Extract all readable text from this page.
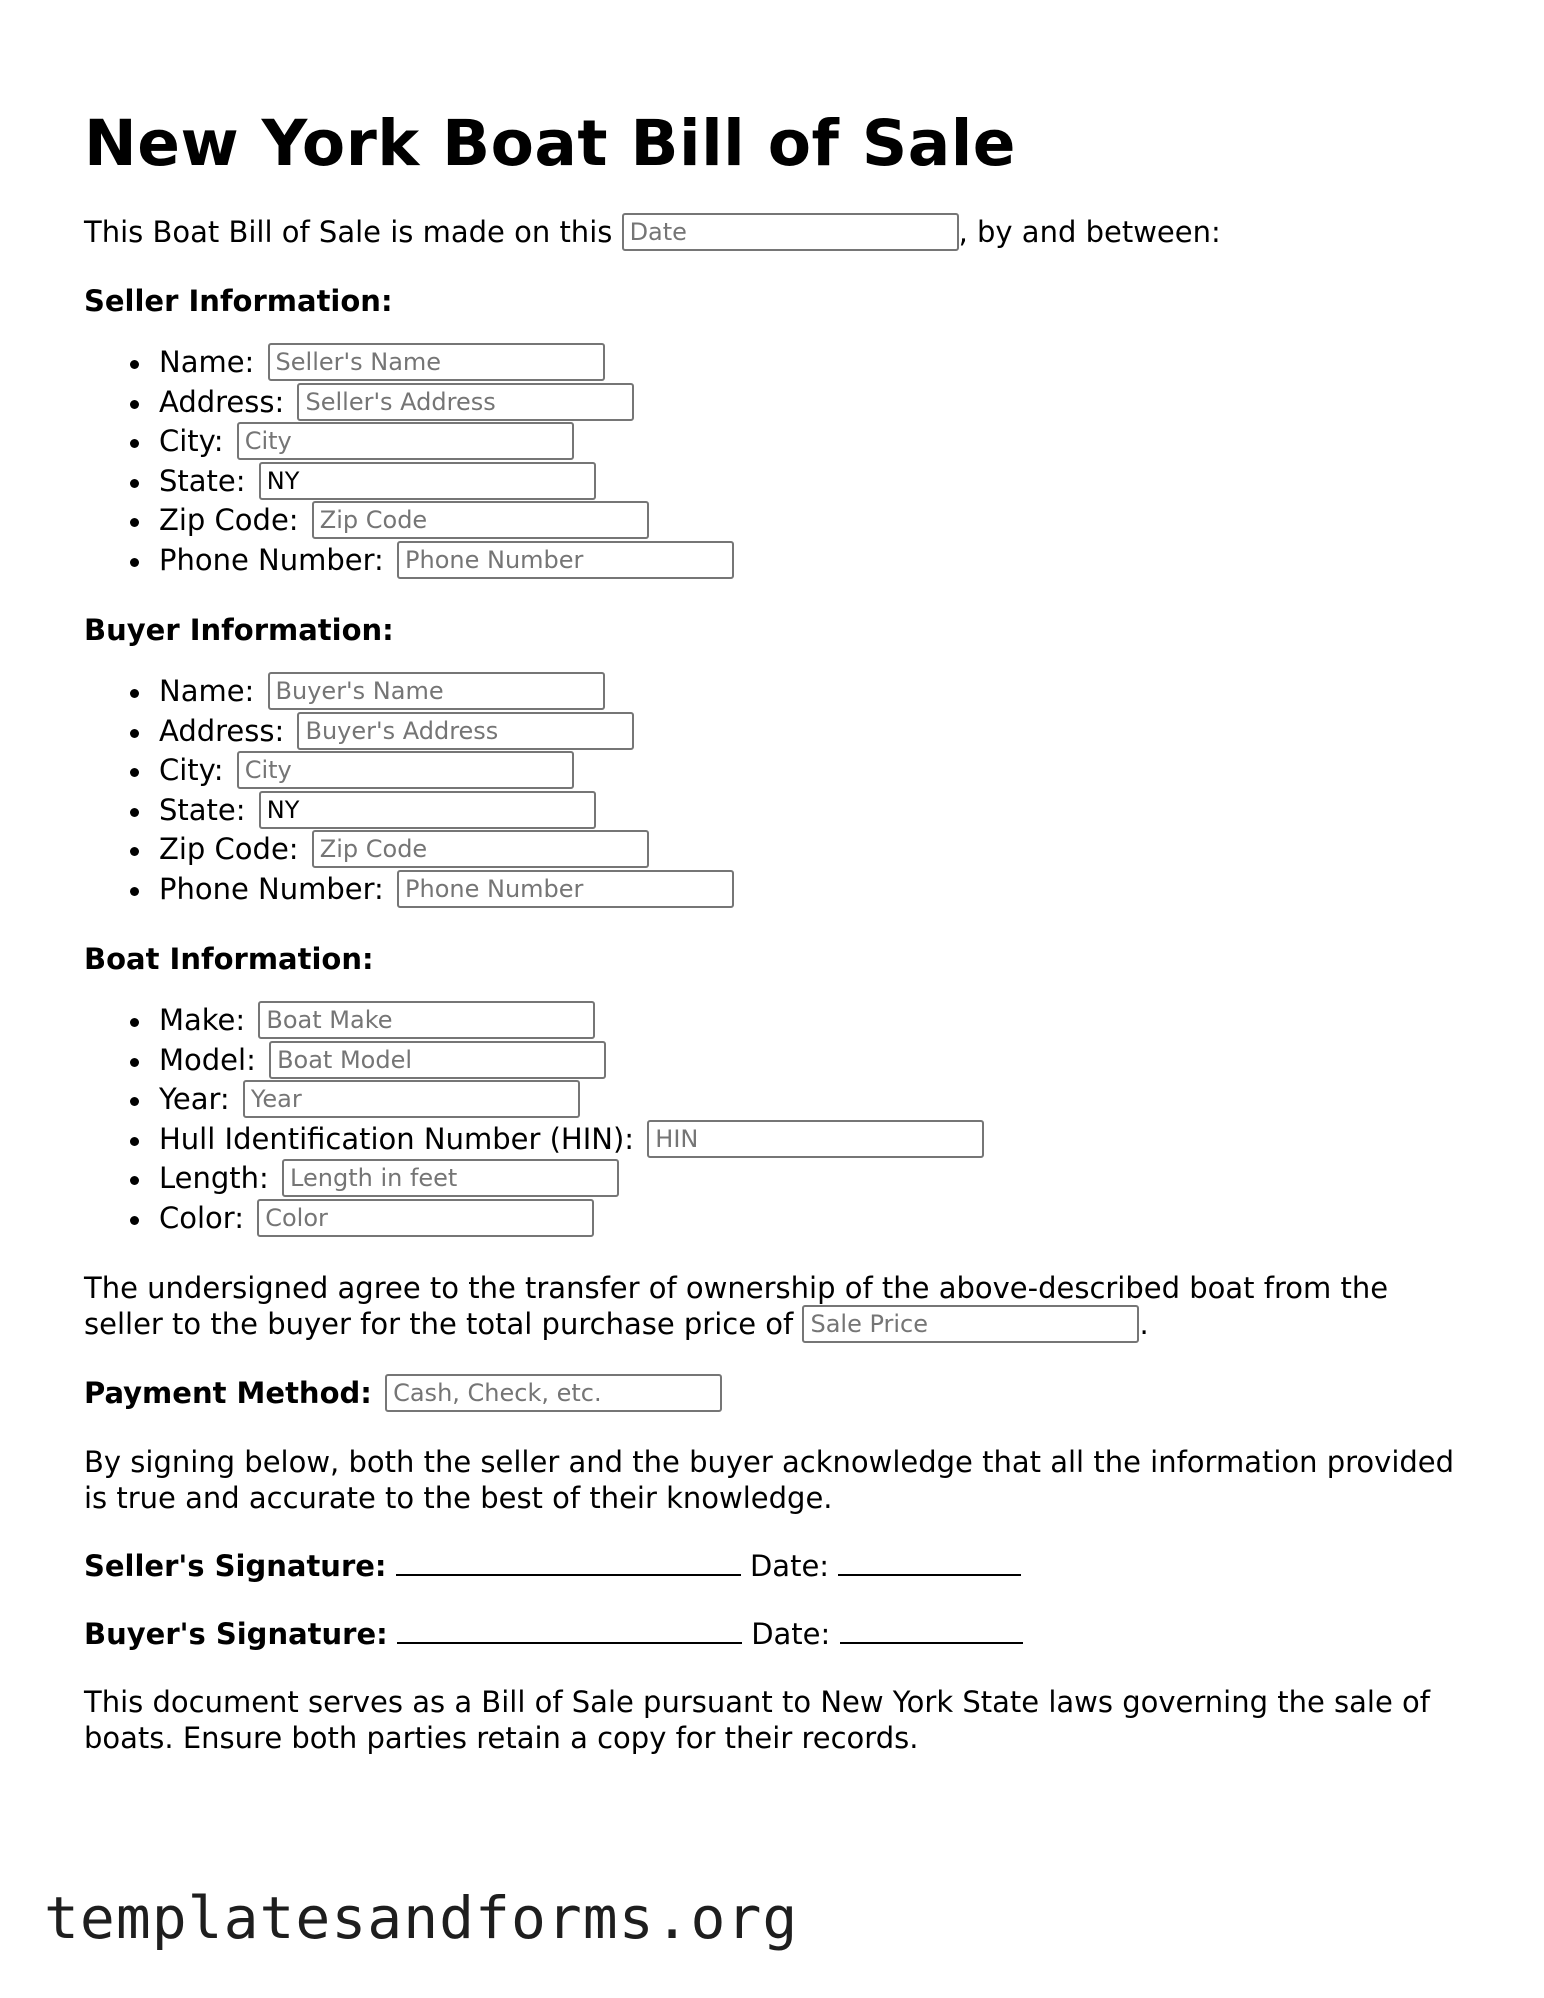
New York Boat Bill of Sale

This Boat Bill of Sale is made on this Date	, by and between:

Seller Information:
Name: Seller's Name
Address: Seller's Address
City: City
State: NY
Zip Code: Zip Code
Phone Number: Phone Number
Buyer Information:
Name: Buyer's Name
Address: Buyer's Address
City: City
State: NY
Zip Code: Zip Code
Phone Number: Phone Number
Boat Information:
Make: Boat Make
Model: Boat Model
Year: Year
Hull Identification Number (HIN): HIN
Length: Length in feet
Color: Color

The undersigned agree to the transfer of ownership of the above-described boat from the seller to the buyer for the total purchase price of Sale Price	.

Payment Method: Cash, Check, etc.

By signing below, both the seller and the buyer acknowledge that all the information provided is true and accurate to the best of their knowledge.

Seller's Signature:	Date:
Buyer's Signature:	Date:

This document serves as a Bill of Sale pursuant to New York State laws governing the sale of boats. Ensure both parties retain a copy for their records.

templatesandforms.org
